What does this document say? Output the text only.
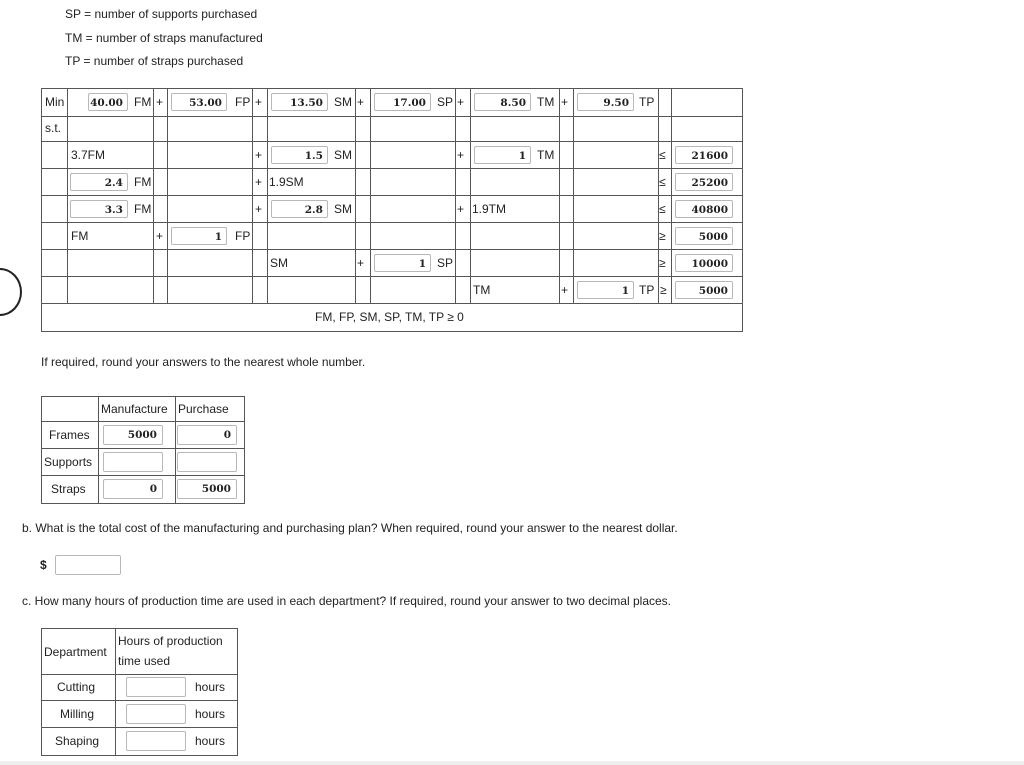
SP = number of supports purchased
TM = number of straps manufactured
TP = number of straps purchased
Min 40.00 FM +	53.00	FP +	13.50 SM +	17.00 SP +	8.50 TM +	9.50 TP
s.t.
3.7FM	+	1.5 SM	+	1 TM	≤	21600
2.4 FM	+ 1.9SM	≤	25200
3.3 FM	+	2.8 SM	+ 1.9TM	≤	40800
FM	+	1	FP	≥	5000
SM	+	1 SP	≥	10000
TM	+	1 TP ≥	5000
FM, FP, SM, SP, TM, TP ≥ 0
If required, round your answers to the nearest whole number.
Manufacture Purchase
Frames	5000	0
Supports
Straps	0	5000
b. What is the total cost of the manufacturing and purchasing plan? When required, round your answer to the nearest dollar.
$
c. How many hours of production time are used in each department? If required, round your answer to two decimal places.
Department
Hours of production
time used
Cutting	hours
Milling	hours
Shaping	hours
